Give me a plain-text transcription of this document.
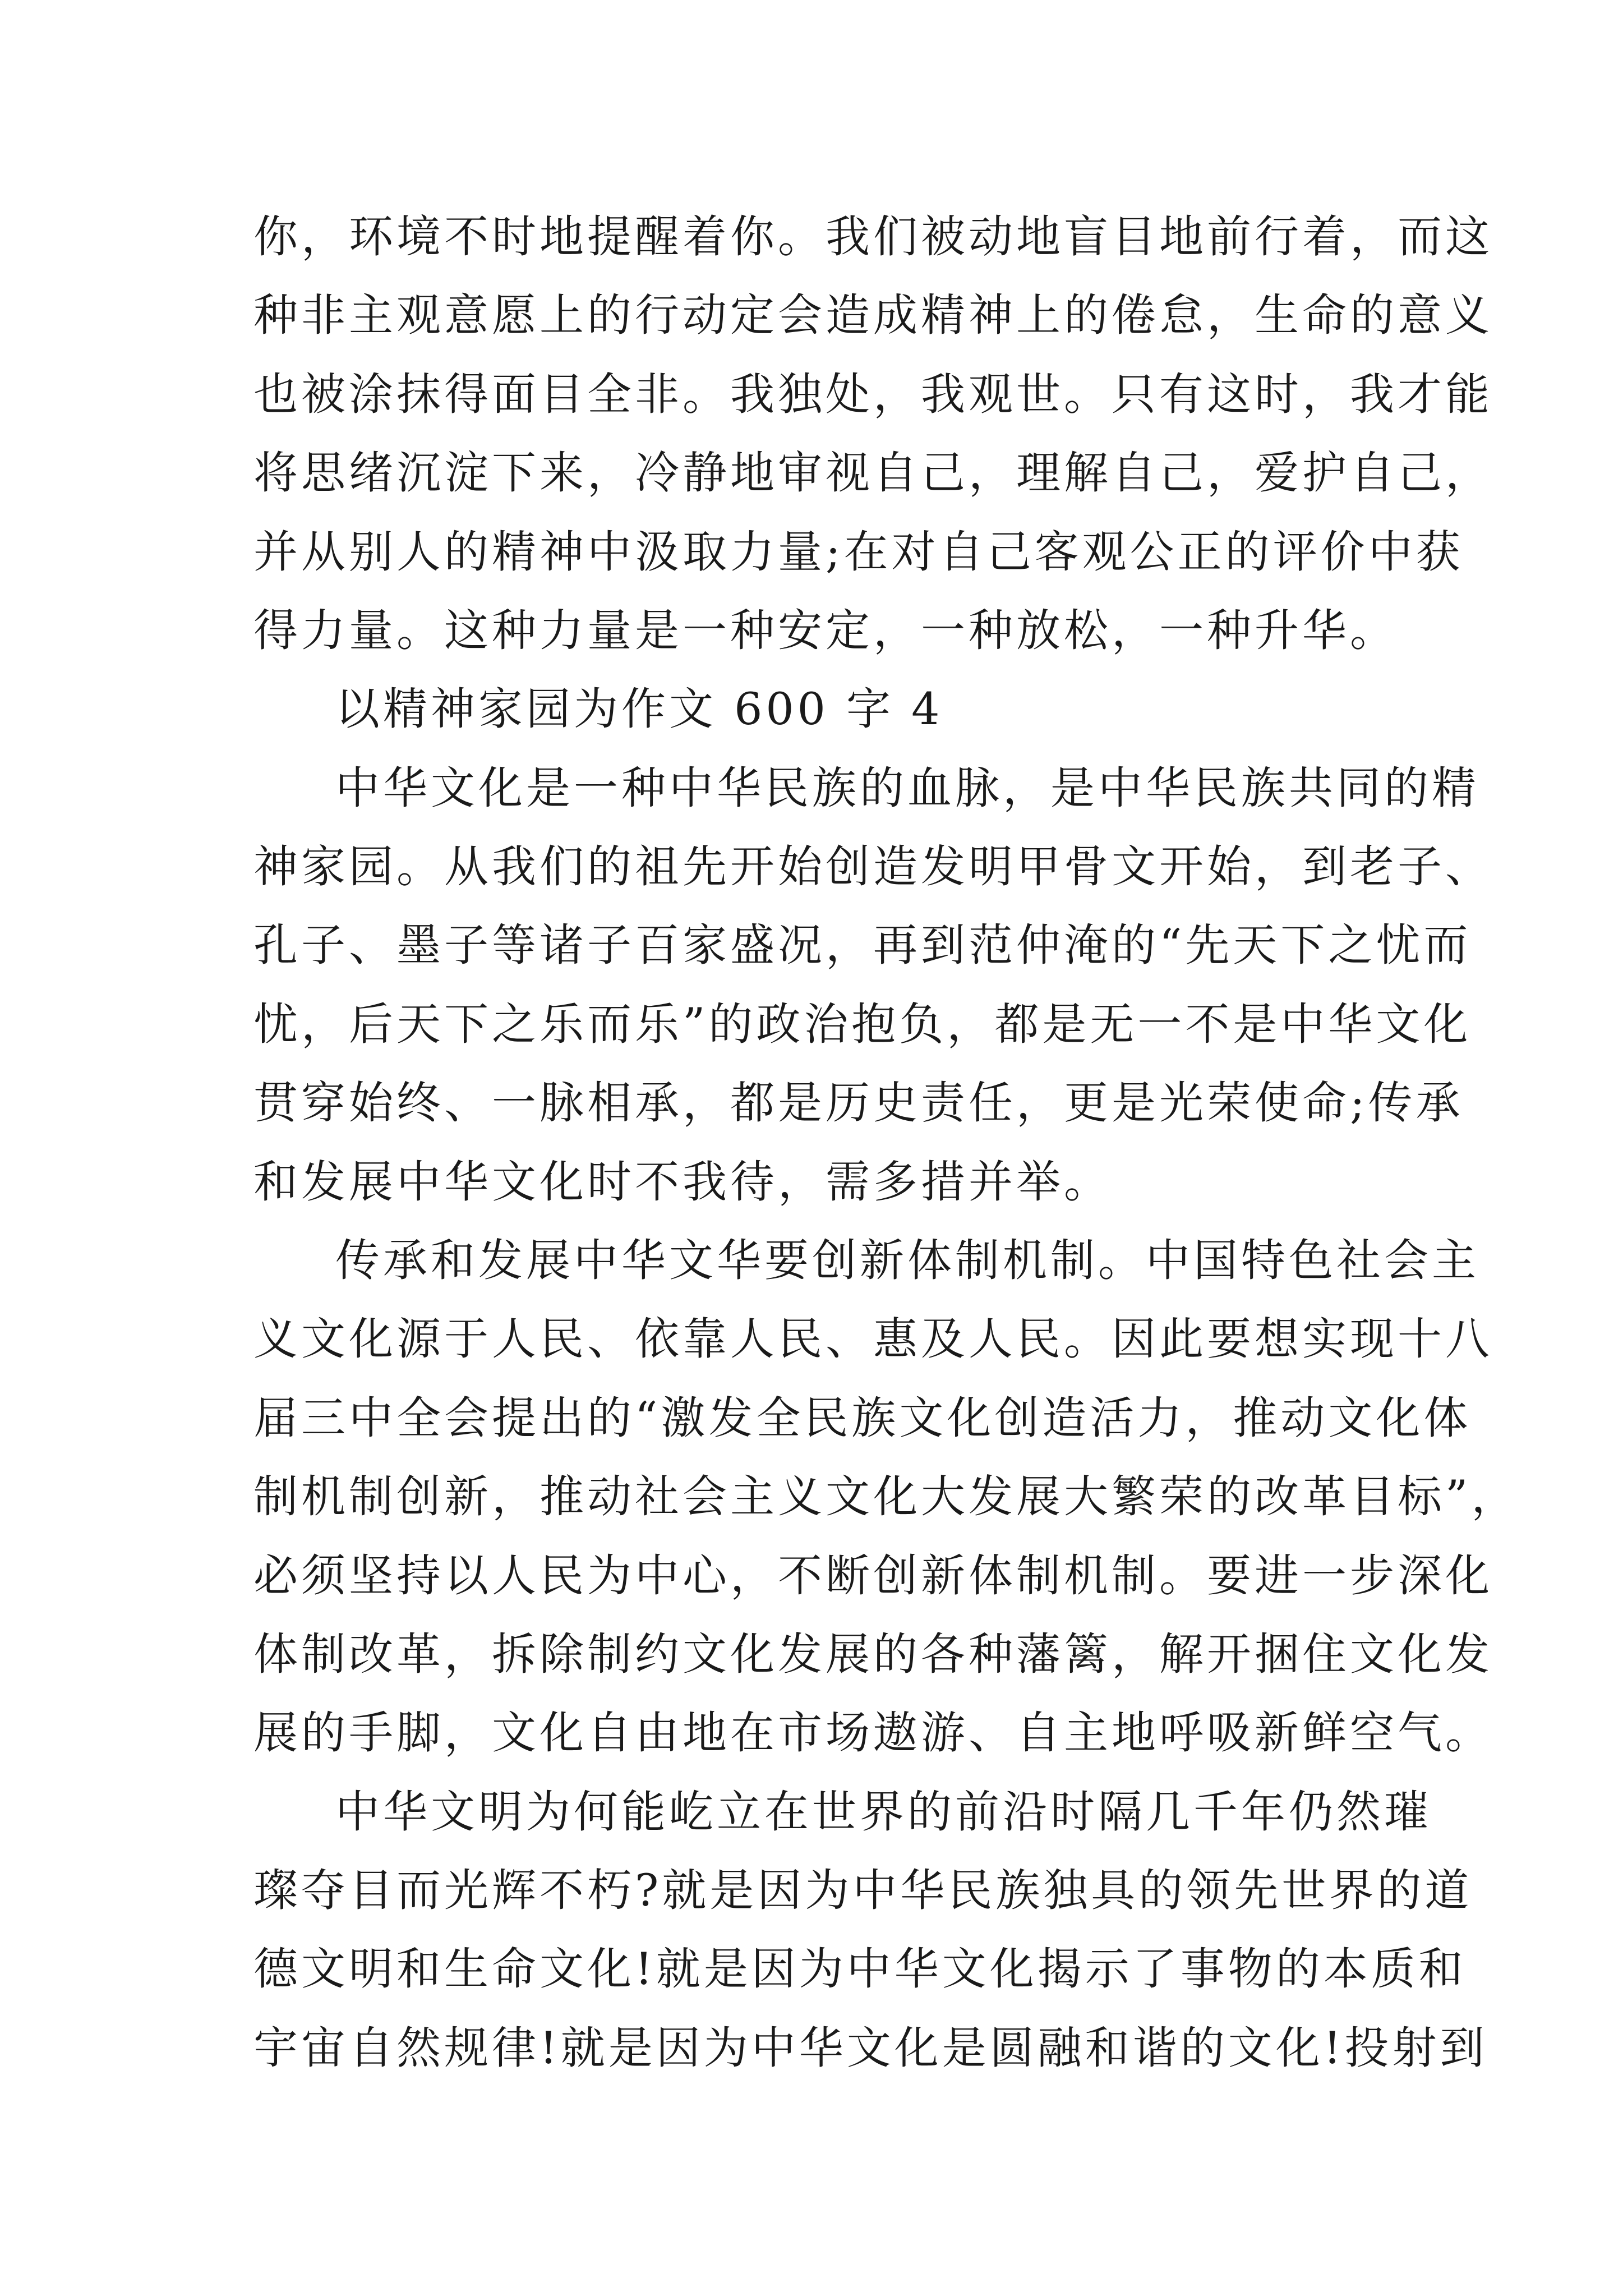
你，环境不时地提醒着你。我们被动地盲目地前行着，而这
种非主观意愿上的行动定会造成精神上的倦怠，生命的意义
也被涂抹得面目全非。我独处，我观世。只有这时，我才能
将思绪沉淀下来，冷静地审视自己，理解自己，爱护自己，
并从别人的精神中汲取力量;在对自己客观公正的评价中获
得力量。这种力量是一种安定，一种放松，一种升华。
以精神家园为作文 600 字 4
中华文化是一种中华民族的血脉，是中华民族共同的精
神家园。从我们的祖先开始创造发明甲骨文开始，到老子、
孔子、墨子等诸子百家盛况，再到范仲淹的“先天下之忧而
忧，后天下之乐而乐”的政治抱负，都是无一不是中华文化
贯穿始终、一脉相承，都是历史责任，更是光荣使命;传承
和发展中华文化时不我待，需多措并举。
传承和发展中华文华要创新体制机制。中国特色社会主
义文化源于人民、依靠人民、惠及人民。因此要想实现十八
届三中全会提出的“激发全民族文化创造活力，推动文化体
制机制创新，推动社会主义文化大发展大繁荣的改革目标”，
必须坚持以人民为中心，不断创新体制机制。要进一步深化
体制改革，拆除制约文化发展的各种藩篱，解开捆住文化发
展的手脚，文化自由地在市场遨游、自主地呼吸新鲜空气。
中华文明为何能屹立在世界的前沿时隔几千年仍然璀
璨夺目而光辉不朽?就是因为中华民族独具的领先世界的道
德文明和生命文化!就是因为中华文化揭示了事物的本质和
宇宙自然规律!就是因为中华文化是圆融和谐的文化!投射到
